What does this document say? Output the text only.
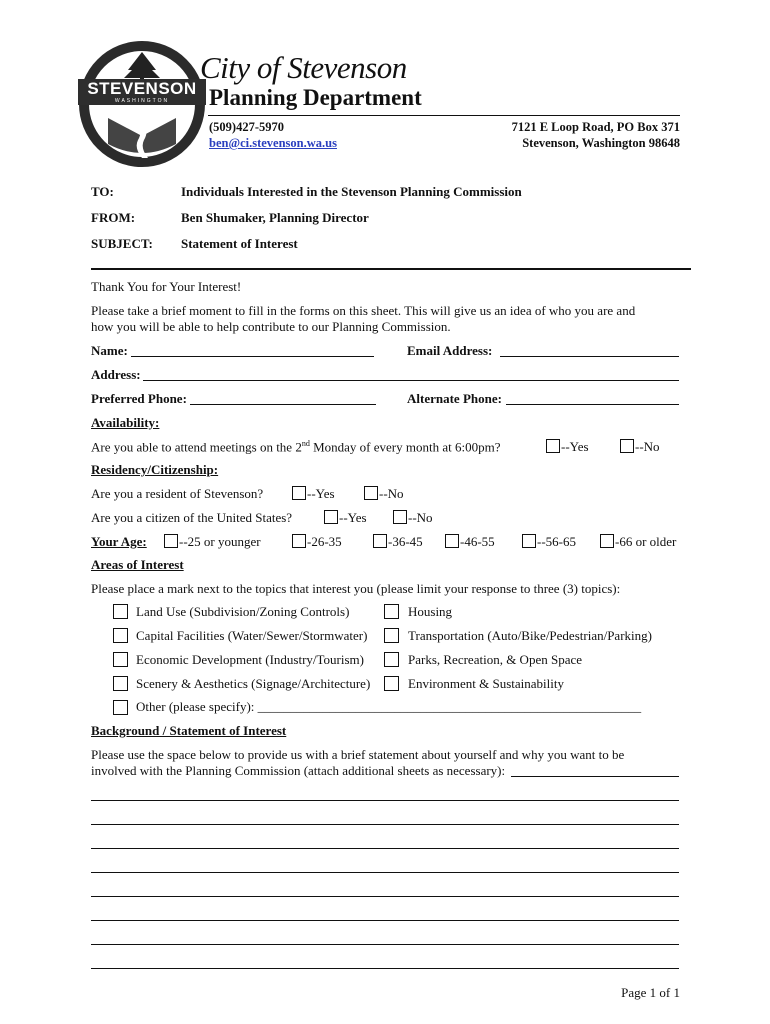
STEVENSON
WASHINGTON
City of Stevenson
Planning Department
(509)427-5970
ben@ci.stevenson.wa.us
7121 E Loop Road, PO Box 371
Stevenson, Washington 98648
TO:	Individuals Interested in the Stevenson Planning Commission
FROM:	Ben Shumaker, Planning Director
SUBJECT: Statement of Interest
Thank You for Your Interest!
Please take a brief moment to fill in the forms on this sheet. This will give us an idea of who you are and
how you will be able to help contribute to our Planning Commission.
Name:	Email Address:
Address:
Preferred Phone:	Alternate Phone:
Availability:
Are you able to attend meetings on the 2nd Monday of every month at 6:00pm?	--Yes	--No
Residency/Citizenship:
Are you a resident of Stevenson?	--Yes	--No
Are you a citizen of the United States?	--Yes	--No
Your Age: --25 or younger	-26-35	-36-45	-46-55	--56-65	-66 or older
Areas of Interest
Please place a mark next to the topics that interest you (please limit your response to three (3) topics):
Land Use (Subdivision/Zoning Controls)	Housing
Capital Facilities (Water/Sewer/Stormwater)	Transportation (Auto/Bike/Pedestrian/Parking)
Economic Development (Industry/Tourism)	Parks, Recreation, & Open Space
Scenery & Aesthetics (Signage/Architecture)	Environment & Sustainability
Other (please specify): ___________________________________________________________
Background / Statement of Interest
Please use the space below to provide us with a brief statement about yourself and why you want to be
involved with the Planning Commission (attach additional sheets as necessary):
Page 1 of 1
